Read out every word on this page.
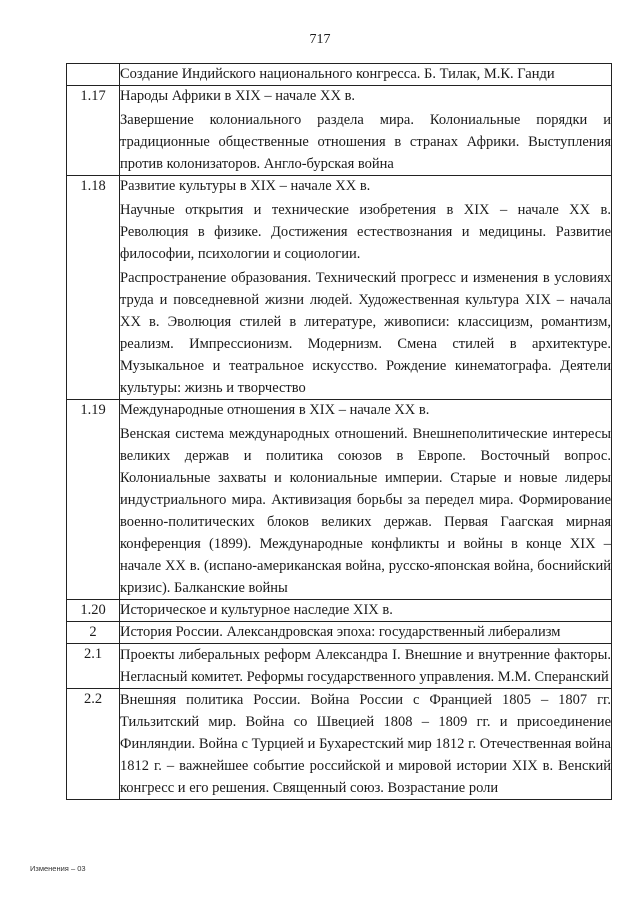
717

	Создание Индийского национального конгресса. Б. Тилак, М.К. Ганди

1.17	Народы Африки в XIX – начале XX в.
Завершение колониального раздела мира. Колониальные порядки и традиционные общественные отношения в странах Африки. Выступления против колонизаторов. Англо-бурская война

1.18	Развитие культуры в XIX – начале XX в.
Научные открытия и технические изобретения в XIX – начале XX в. Революция в физике. Достижения естествознания и медицины. Развитие философии, психологии и социологии.
Распространение образования. Технический прогресс и изменения в условиях труда и повседневной жизни людей. Художественная культура XIX – начала XX в. Эволюция стилей в литературе, живописи: классицизм, романтизм, реализм. Импрессионизм. Модернизм. Смена стилей в архитектуре. Музыкальное и театральное искусство. Рождение кинематографа. Деятели культуры: жизнь и творчество

1.19	Международные отношения в XIX – начале XX в.
Венская система международных отношений. Внешнеполитические интересы великих держав и политика союзов в Европе. Восточный вопрос. Колониальные захваты и колониальные империи. Старые и новые лидеры индустриального мира. Активизация борьбы за передел мира. Формирование военно-политических блоков великих держав. Первая Гаагская мирная конференция (1899). Международные конфликты и войны в конце XIX – начале XX в. (испано-американская война, русско-японская война, боснийский кризис). Балканские войны

1.20	Историческое и культурное наследие XIX в.

2	История России. Александровская эпоха: государственный либерализм

2.1	Проекты либеральных реформ Александра I. Внешние и внутренние факторы. Негласный комитет. Реформы государственного управления. М.М. Сперанский

2.2	Внешняя политика России. Война России с Францией 1805 – 1807 гг. Тильзитский мир. Война со Швецией 1808 – 1809 гг. и присоединение Финляндии. Война с Турцией и Бухарестский мир 1812 г. Отечественная война 1812 г. – важнейшее событие российской и мировой истории XIX в. Венский конгресс и его решения. Священный союз. Возрастание роли
Изменения – 03
